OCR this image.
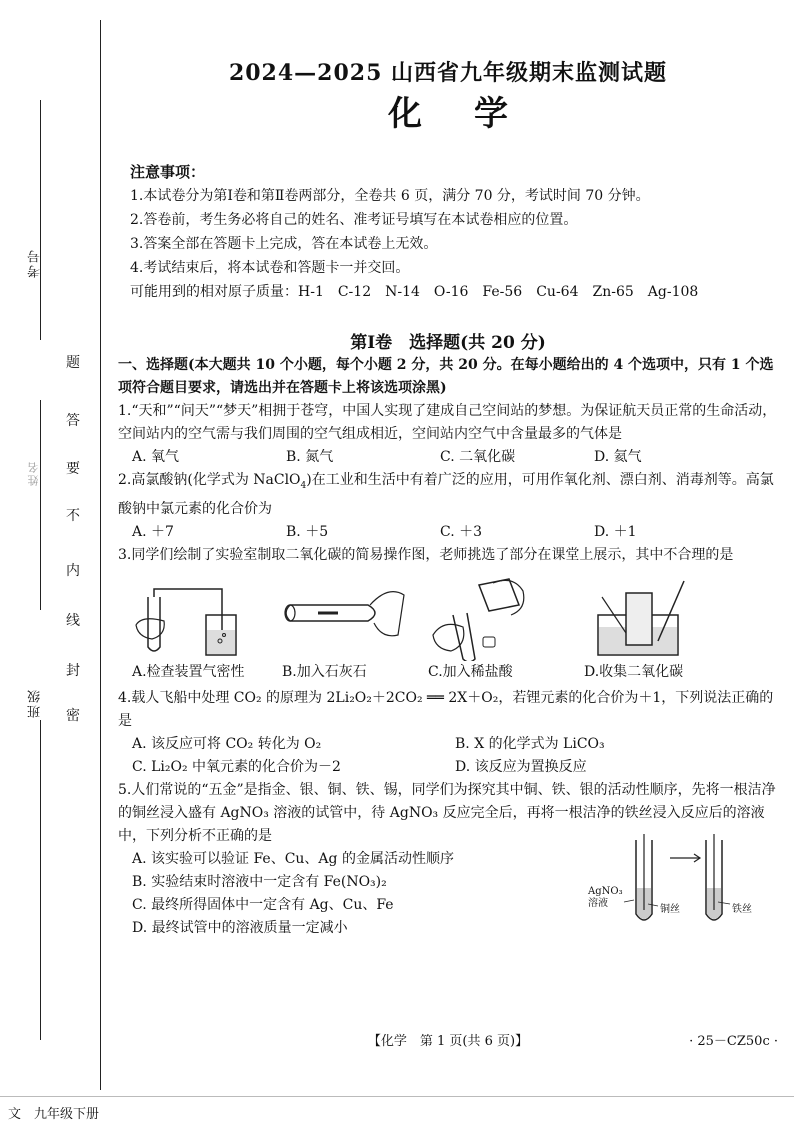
考号
姓名
班级
题
答
要
不
内
线
封
密
2024—2025 山西省九年级期末监测试题
化学
注意事项：
1.本试卷分为第Ⅰ卷和第Ⅱ卷两部分，全卷共 6 页，满分 70 分，考试时间 70 分钟。
2.答卷前，考生务必将自己的姓名、准考证号填写在本试卷相应的位置。
3.答案全部在答题卡上完成，答在本试卷上无效。
4.考试结束后，将本试卷和答题卡一并交回。
可能用到的相对原子质量：H-1　C-12　N-14　O-16　Fe-56　Cu-64　Zn-65　Ag-108
第Ⅰ卷　选择题(共 20 分)

一、选择题(本大题共 10 个小题，每个小题 2 分，共 20 分。在每小题给出的 4 个选项中，只有 1 个选项符合题目要求，请选出并在答题卡上将该选项涂黑)

1.“天和”“问天”“梦天”相拥于苍穹，中国人实现了建成自己空间站的梦想。为保证航天员正常的生命活动，空间站内的空气需与我们周围的空气组成相近，空间站内空气中含量最多的气体是

A. 氧气	B. 氮气	C. 二氧化碳	D. 氦气

2.高氯酸钠(化学式为 NaClO$_4$)在工业和生活中有着广泛的应用，可用作氧化剂、漂白剂、消毒剂等。高氯酸钠中氯元素的化合价为

A. ＋7	B. ＋5	C. ＋3	D. ＋1

3.同学们绘制了实验室制取二氧化碳的简易操作图，老师挑选了部分在课堂上展示，其中不合理的是

A.检查装置气密性	B.加入石灰石	C.加入稀盐酸	D.收集二氧化碳

4.载人飞船中处理 CO₂ 的原理为 2Li₂O₂＋2CO₂ ══ 2X＋O₂，若锂元素的化合价为＋1，下列说法正确的是

A. 该反应可将 CO₂ 转化为 O₂	B. X 的化学式为 LiCO₃
C. Li₂O₂ 中氧元素的化合价为－2	D. 该反应为置换反应

5.人们常说的“五金”是指金、银、铜、铁、锡，同学们为探究其中铜、铁、银的活动性顺序，先将一根洁净的铜丝浸入盛有 AgNO₃ 溶液的试管中，待 AgNO₃ 反应完全后，再将一根洁净的铁丝浸入反应后的溶液中，下列分析不正确的是

A. 该实验可以验证 Fe、Cu、Ag 的金属活动性顺序
B. 实验结束时溶液中一定含有 Fe(NO₃)₂
C. 最终所得固体中一定含有 Ag、Cu、Fe
D. 最终试管中的溶液质量一定减小
AgNO₃
溶液
铜丝	铁丝
【化学　第 1 页(共 6 页)】	· 25－CZ50c ·
文　九年级下册
